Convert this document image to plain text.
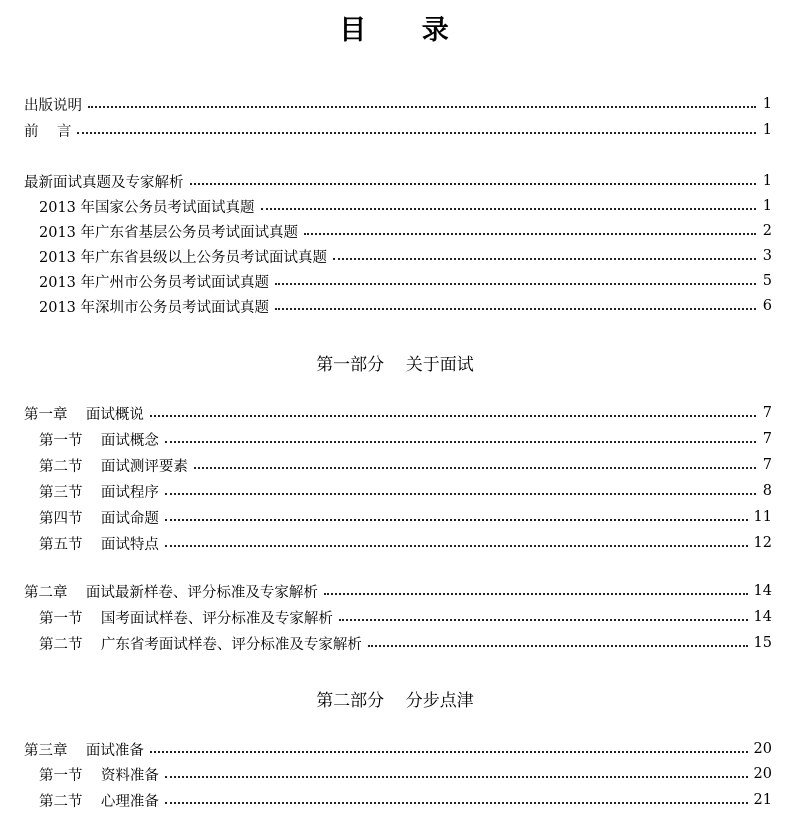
目 录
出版说明	1
前    言	1
最新面试真题及专家解析	1
2013 年国家公务员考试面试真题	1
2013 年广东省基层公务员考试面试真题	2
2013 年广东省县级以上公务员考试面试真题	3
2013 年广州市公务员考试面试真题	5
2013 年深圳市公务员考试面试真题	6
第一部分    关于面试
第一章    面试概说	7
第一节    面试概念	7
第二节    面试测评要素	7
第三节    面试程序	8
第四节    面试命题	11
第五节    面试特点	12
第二章    面试最新样卷、评分标准及专家解析	14
第一节    国考面试样卷、评分标准及专家解析	14
第二节    广东省考面试样卷、评分标准及专家解析	15
第二部分    分步点津
第三章    面试准备	20
第一节    资料准备	20
第二节    心理准备	21
